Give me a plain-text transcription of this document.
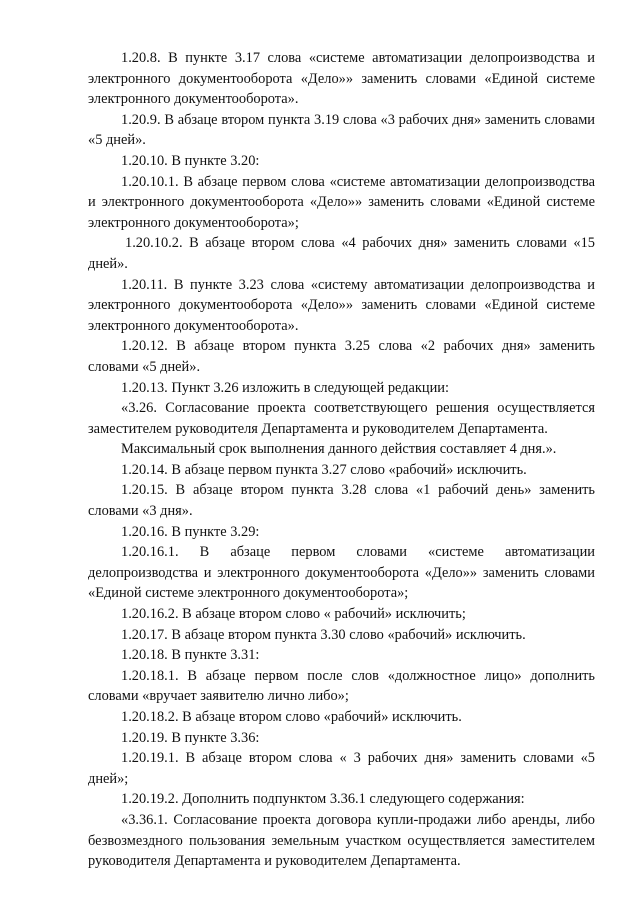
1.20.8. В пункте 3.17 слова «системе автоматизации делопроизводства и электронного документооборота «Дело»» заменить словами «Единой системе электронного документооборота».

1.20.9. В абзаце втором пункта 3.19 слова «3 рабочих дня» заменить словами «5 дней».

1.20.10. В пункте 3.20:

1.20.10.1. В абзаце первом слова «системе автоматизации делопроизводства и электронного документооборота «Дело»» заменить словами «Единой системе электронного документооборота»;

1.20.10.2. В абзаце втором слова «4 рабочих дня» заменить словами «15 дней».

1.20.11. В пункте 3.23 слова «систему автоматизации делопроизводства и электронного документооборота «Дело»» заменить словами «Единой системе электронного документооборота».

1.20.12. В абзаце втором пункта 3.25 слова «2 рабочих дня» заменить словами «5 дней».

1.20.13. Пункт 3.26 изложить в следующей редакции:

«3.26. Согласование проекта соответствующего решения осуществляется заместителем руководителя Департамента и руководителем Департамента.

Максимальный срок выполнения данного действия составляет 4 дня.».

1.20.14. В абзаце первом пункта 3.27 слово «рабочий» исключить.

1.20.15. В абзаце втором пункта 3.28 слова «1 рабочий день» заменить словами «3 дня».

1.20.16. В пункте 3.29:

1.20.16.1. В абзаце первом словами «системе автоматизации делопроизводства и электронного документооборота «Дело»» заменить словами «Единой системе электронного документооборота»;

1.20.16.2. В абзаце втором слово « рабочий» исключить;

1.20.17. В абзаце втором пункта 3.30 слово «рабочий» исключить.

1.20.18. В пункте 3.31:

1.20.18.1. В абзаце первом после слов «должностное лицо» дополнить словами «вручает заявителю лично либо»;

1.20.18.2. В абзаце втором слово «рабочий» исключить.

1.20.19. В пункте 3.36:

1.20.19.1. В абзаце втором слова « 3 рабочих дня» заменить словами «5 дней»;

1.20.19.2. Дополнить подпунктом 3.36.1 следующего содержания:

«3.36.1. Согласование проекта договора купли-продажи либо аренды, либо безвозмездного пользования земельным участком осуществляется заместителем руководителя Департамента и руководителем Департамента.
